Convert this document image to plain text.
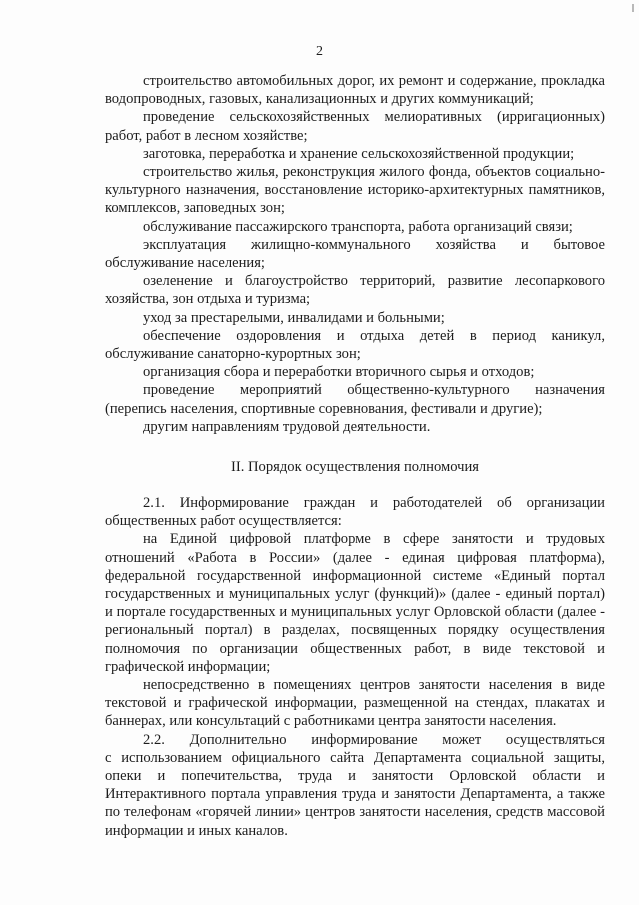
2

строительство автомобильных дорог, их ремонт и содержание, прокладка водопроводных, газовых, канализационных и других коммуникаций;

проведение сельскохозяйственных мелиоративных (ирригационных) работ, работ в лесном хозяйстве;

заготовка, переработка и хранение сельскохозяйственной продукции;

строительство жилья, реконструкция жилого фонда, объектов социально-культурного назначения, восстановление историко-архитектурных памятников, комплексов, заповедных зон;

обслуживание пассажирского транспорта, работа организаций связи;

эксплуатация жилищно-коммунального хозяйства и бытовое обслуживание населения;

озеленение и благоустройство территорий, развитие лесопаркового хозяйства, зон отдыха и туризма;

уход за престарелыми, инвалидами и больными;

обеспечение оздоровления и отдыха детей в период каникул, обслуживание санаторно-курортных зон;

организация сбора и переработки вторичного сырья и отходов;

проведение мероприятий общественно-культурного назначения (перепись населения, спортивные соревнования, фестивали и другие);

другим направлениям трудовой деятельности.

II. Порядок осуществления полномочия

2.1. Информирование граждан и работодателей об организации общественных работ осуществляется:

на Единой цифровой платформе в сфере занятости и трудовых отношений «Работа в России» (далее - единая цифровая платформа), федеральной государственной информационной системе «Единый портал государственных и муниципальных услуг (функций)» (далее - единый портал) и портале государственных и муниципальных услуг Орловской области (далее - региональный портал) в разделах, посвященных порядку осуществления полномочия по организации общественных работ, в виде текстовой и графической информации;

непосредственно в помещениях центров занятости населения в виде текстовой и графической информации, размещенной на стендах, плакатах и баннерах, или консультаций с работниками центра занятости населения.

2.2. Дополнительно информирование может осуществляться

с использованием официального сайта Департамента социальной защиты, опеки и попечительства, труда и занятости Орловской области и Интерактивного портала управления труда и занятости Департамента, а также по телефонам «горячей линии» центров занятости населения, средств массовой информации и иных каналов.
